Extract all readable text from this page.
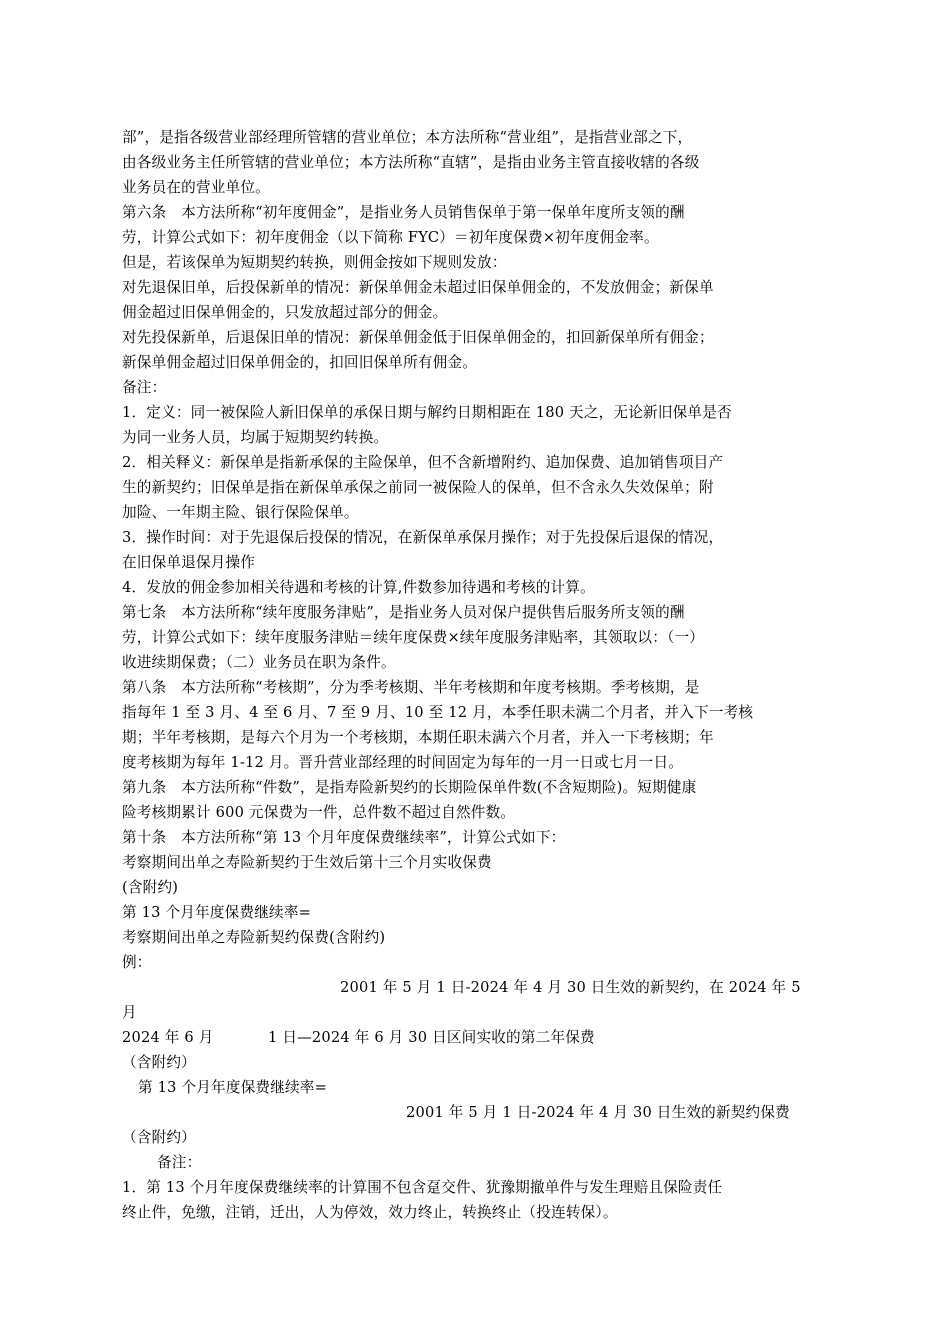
部”，是指各级营业部经理所管辖的营业单位；本方法所称“营业组”，是指营业部之下，
由各级业务主任所管辖的营业单位；本方法所称“直辖”，是指由业务主管直接收辖的各级
业务员在的营业单位。
第六条　本方法所称“初年度佣金”，是指业务人员销售保单于第一保单年度所支领的酬
劳，计算公式如下：初年度佣金（以下简称 FYC）＝初年度保费×初年度佣金率。
但是，若该保单为短期契约转换，则佣金按如下规则发放：
对先退保旧单，后投保新单的情况：新保单佣金未超过旧保单佣金的，不发放佣金；新保单
佣金超过旧保单佣金的，只发放超过部分的佣金。
对先投保新单，后退保旧单的情况：新保单佣金低于旧保单佣金的，扣回新保单所有佣金；
新保单佣金超过旧保单佣金的，扣回旧保单所有佣金。
备注：
1．定义：同一被保险人新旧保单的承保日期与解约日期相距在 180 天之，无论新旧保单是否
为同一业务人员，均属于短期契约转换。
2．相关释义：新保单是指新承保的主险保单，但不含新增附约、追加保费、追加销售项目产
生的新契约；旧保单是指在新保单承保之前同一被保险人的保单，但不含永久失效保单；附
加险、一年期主险、银行保险保单。
3．操作时间：对于先退保后投保的情况，在新保单承保月操作；对于先投保后退保的情况，
在旧保单退保月操作
4．发放的佣金参加相关待遇和考核的计算,件数参加待遇和考核的计算。
第七条　本方法所称“续年度服务津贴”，是指业务人员对保户提供售后服务所支领的酬
劳，计算公式如下：续年度服务津贴＝续年度保费×续年度服务津贴率，其领取以：（一）
收进续期保费；（二）业务员在职为条件。
第八条　本方法所称“考核期”，分为季考核期、半年考核期和年度考核期。季考核期，是
指每年 1 至 3 月、4 至 6 月、7 至 9 月、10 至 12 月，本季任职未满二个月者，并入下一考核
期；半年考核期，是每六个月为一个考核期，本期任职未满六个月者，并入一下考核期；年
度考核期为每年 1-12 月。晋升营业部经理的时间固定为每年的一月一日或七月一日。
第九条　本方法所称“件数”，是指寿险新契约的长期险保单件数(不含短期险)。短期健康
险考核期累计 600 元保费为一件，总件数不超过自然件数。
第十条　本方法所称“第 13 个月年度保费继续率”，计算公式如下：
考察期间出单之寿险新契约于生效后第十三个月实收保费
(含附约)
第 13 个月年度保费继续率=
考察期间出单之寿险新契约保费(含附约)
例：
2001 年 5 月 1 日-2024 年 4 月 30 日生效的新契约，在 2024 年 5
月
2024 年 6 月	1 日—2024 年 6 月 30 日区间实收的第二年保费
（含附约）
第 13 个月年度保费继续率=
2001 年 5 月 1 日-2024 年 4 月 30 日生效的新契约保费
（含附约）
备注：
1．第 13 个月年度保费继续率的计算围不包含趸交件、犹豫期撤单件与发生理赔且保险责任
终止件，免缴，注销，迁出，人为停效，效力终止，转换终止（投连转保）。
